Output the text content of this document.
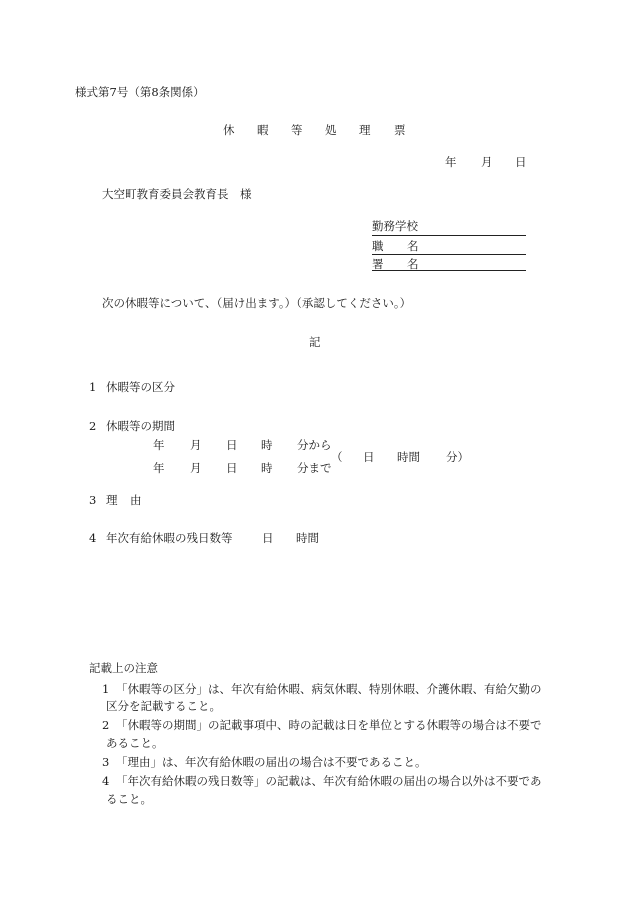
様式第7号（第8条関係）
休 暇 等 処 理 票
年 月 日
大空町教育委員会教育長　様
勤務学校
職 名
署 名
次の休暇等について、（届け出ます。）（承認してください。）
記
1 休暇等の区分
2 休暇等の期間
年 月 日 時 分から
年 月 日 時 分まで
（ 日 時間 分）
3 理 由
4 年次有給休暇の残日数等	日 時間
記載上の注意
1 「休暇等の区分」は、年次有給休暇、病気休暇、特別休暇、介護休暇、有給欠勤の
区分を記載すること。
2 「休暇等の期間」の記載事項中、時の記載は日を単位とする休暇等の場合は不要で
あること。
3 「理由」は、年次有給休暇の届出の場合は不要であること。
4 「年次有給休暇の残日数等」の記載は、年次有給休暇の届出の場合以外は不要であ
ること。
